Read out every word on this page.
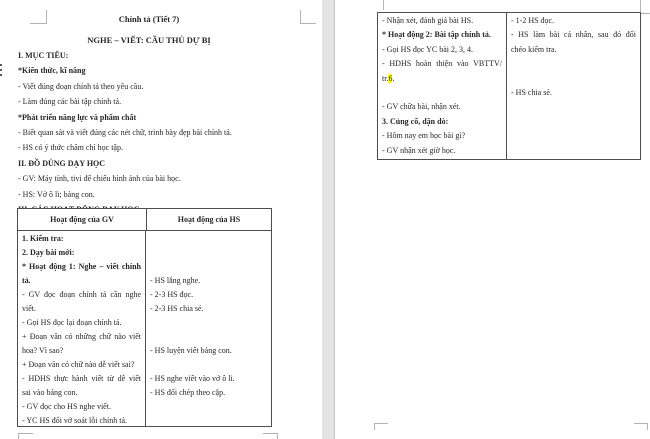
Chính tả (Tiết 7)
NGHE – VIẾT: CẦU THỦ DỰ BỊ
I. MỤC TIÊU:
*Kiến thức, kĩ năng
- Viết đúng đoạn chính tả theo yêu cầu.
- Làm đúng các bài tập chính tả.
*Phát triển năng lực và phẩm chất
- Biết quan sát và viết đúng các nét chữ, trình bày đẹp bài chính tả.
- HS có ý thức chăm chỉ học tập.
II. ĐỒ DÙNG DẠY HỌC
- GV: Máy tính, tivi để chiếu hình ảnh của bài học.
- HS: Vở ô li; bảng con.
Hoạt động của GV	Hoạt động của HS
1. Kiểm tra:
2. Dạy bài mới:
* Hoạt động 1: Nghe – viết chính
tả.
- GV đọc đoạn chính tả cần nghe
viết.
- Gọi HS đọc lại đoạn chính tả.
+ Đoạn văn có những chữ nào viết
hoa? Vì sao?
+ Đoạn văn có chữ nào dễ viết sai?
- HDHS thực hành viết từ dễ viết
sai vào bảng con.
- GV đọc cho HS nghe viết.
- YC HS đổi vở soát lỗi chính tả.
- HS lắng nghe.
- 2-3 HS đọc.
- 2-3 HS chia sẻ.
- HS luyện viết bảng con.
- HS nghe viết vào vở ô li.
- HS đổi chép theo cặp.
- Nhận xét, đánh giá bài HS.
* Hoạt động 2: Bài tập chính tả.
- Gọi HS đọc YC bài 2, 3, 4.
- HDHS hoàn thiện vào VBTTV/
tr.6.
- GV chữa bài, nhận xét.
3. Củng cố, dặn dò:
- Hôm nay em học bài gì?
- GV nhận xét giờ học.
- 1-2 HS đọc.
- HS làm bài cá nhân, sau đó đổi
chéo kiểm tra.
- HS chia sẻ.
